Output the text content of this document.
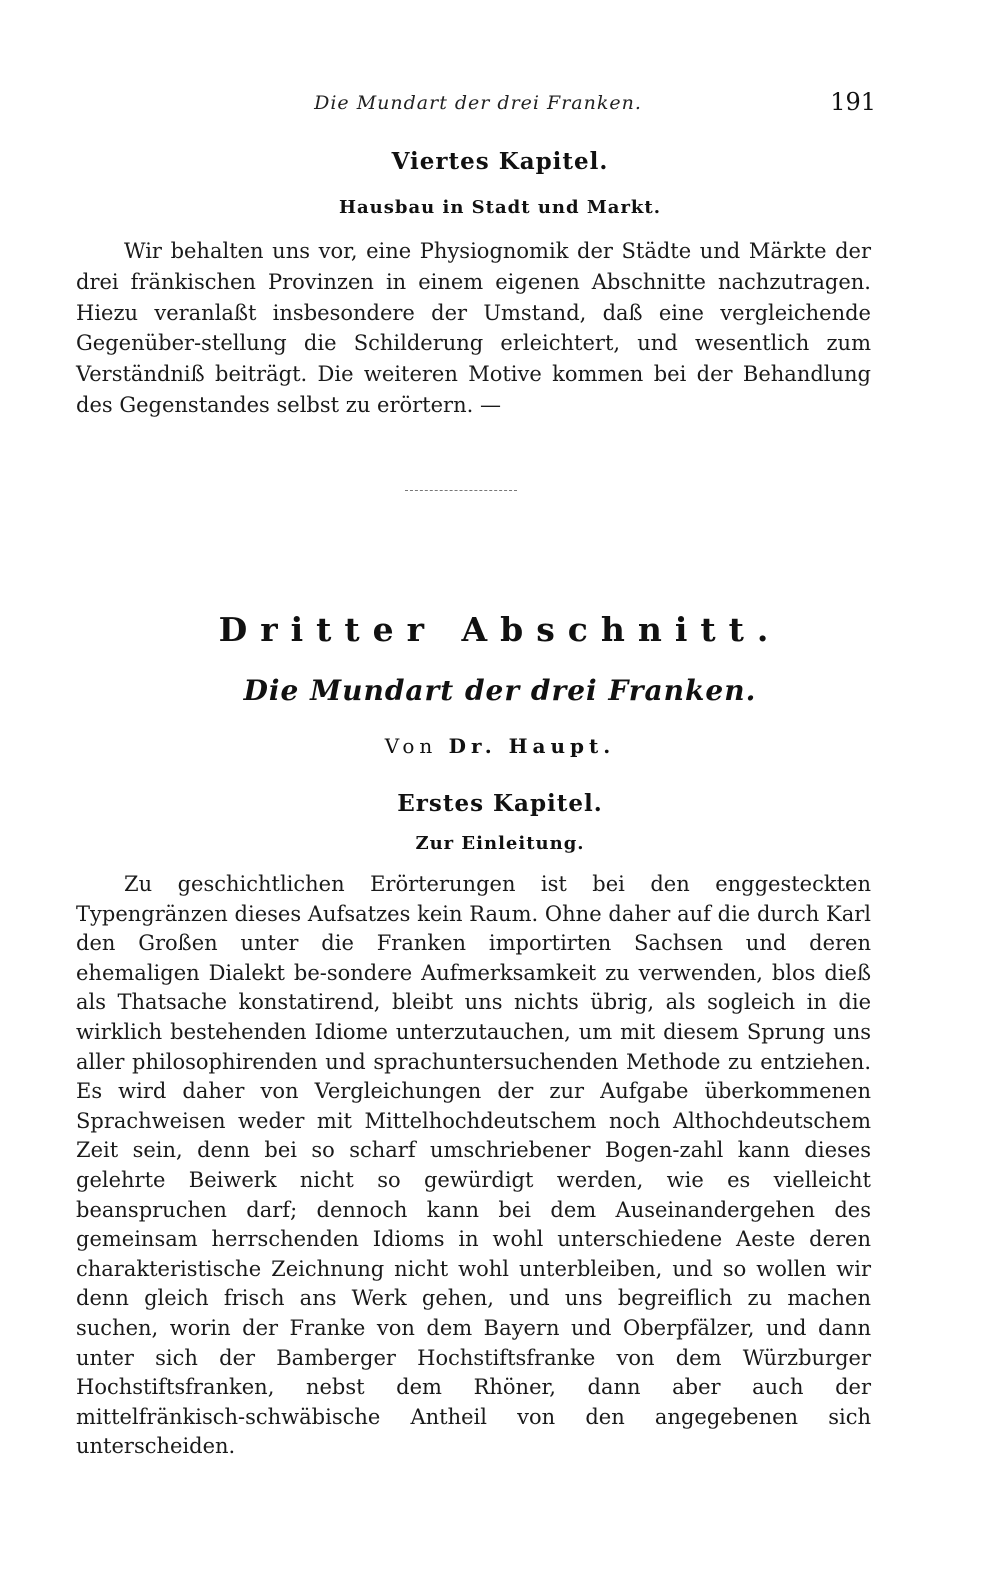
Die Mundart der drei Franken.	191
Viertes Kapitel.
Hausbau in Stadt und Markt.

Wir behalten uns vor, eine Physiognomik der Städte und Märkte der drei fränkischen Provinzen in einem eigenen Abschnitte nachzutragen. Hiezu veranlaßt insbesondere der Umstand, daß eine vergleichende Gegenüber-stellung die Schilderung erleichtert, und wesentlich zum Verständniß beiträgt. Die weiteren Motive kommen bei der Behandlung des Gegenstandes selbst zu erörtern. —

Dritter Abschnitt.
Die Mundart der drei Franken.
Von Dr. Haupt.
Erstes Kapitel.
Zur Einleitung.

Zu geschichtlichen Erörterungen ist bei den enggesteckten Typengränzen dieses Aufsatzes kein Raum. Ohne daher auf die durch Karl den Großen unter die Franken importirten Sachsen und deren ehemaligen Dialekt be-sondere Aufmerksamkeit zu verwenden, blos dieß als Thatsache konstatirend, bleibt uns nichts übrig, als sogleich in die wirklich bestehenden Idiome unterzutauchen, um mit diesem Sprung uns aller philosophirenden und sprachuntersuchenden Methode zu entziehen. Es wird daher von Vergleichungen der zur Aufgabe überkommenen Sprachweisen weder mit Mittelhochdeutschem noch Althochdeutschem Zeit sein, denn bei so scharf umschriebener Bogen-zahl kann dieses gelehrte Beiwerk nicht so gewürdigt werden, wie es vielleicht beanspruchen darf; dennoch kann bei dem Auseinandergehen des gemeinsam herrschenden Idioms in wohl unterschiedene Aeste deren charakteristische Zeichnung nicht wohl unterbleiben, und so wollen wir denn gleich frisch ans Werk gehen, und uns begreiflich zu machen suchen, worin der Franke von dem Bayern und Oberpfälzer, und dann unter sich der Bamberger Hochstiftsfranke von dem Würzburger Hochstiftsfranken, nebst dem Rhöner, dann aber auch der mittelfränkisch-schwäbische Antheil von den angegebenen sich unterscheiden.
